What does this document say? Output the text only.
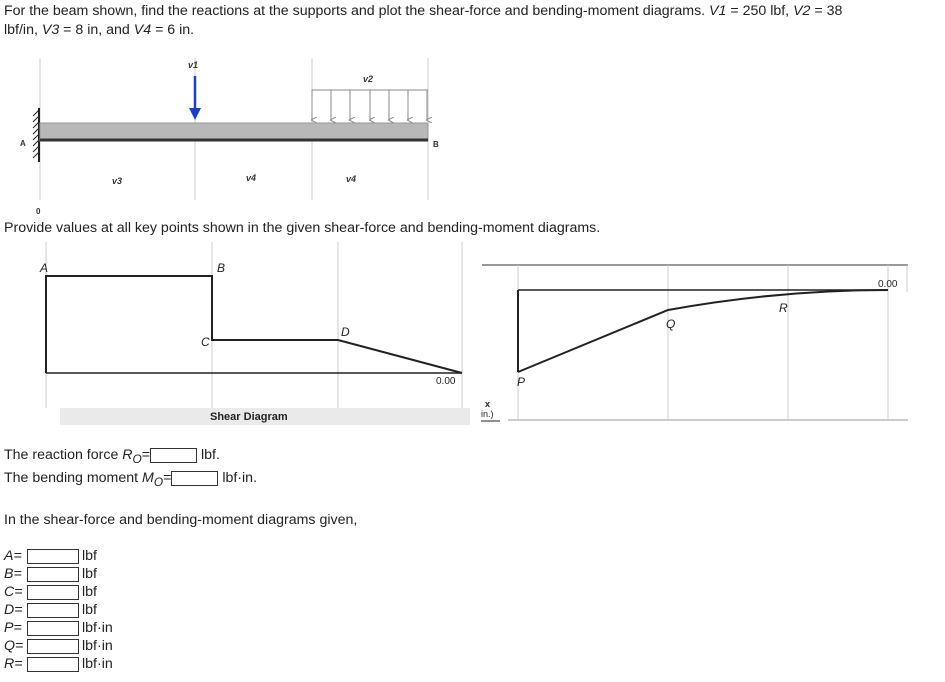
For the beam shown, find the reactions at the supports and plot the shear-force and bending-moment diagrams. V1 = 250 lbf, V2 = 38
lbf/in, V3 = 8 in, and V4 = 6 in.
v1
v2
A	B
v3	v4	v4
0
Provide values at all key points shown in the given shear-force and bending-moment diagrams.
A	B
C
D
0.00
Shear Diagram
0.00
P
Q
R
x
in.)
The reaction force $R_O=$	lbf.
The bending moment $M_O=$	lbf·in.
In the shear-force and bending-moment diagrams given,
A=	lbf
B=	lbf
C=	lbf
D=	lbf
P=	lbf·in
Q=	lbf·in
R=	lbf·in
